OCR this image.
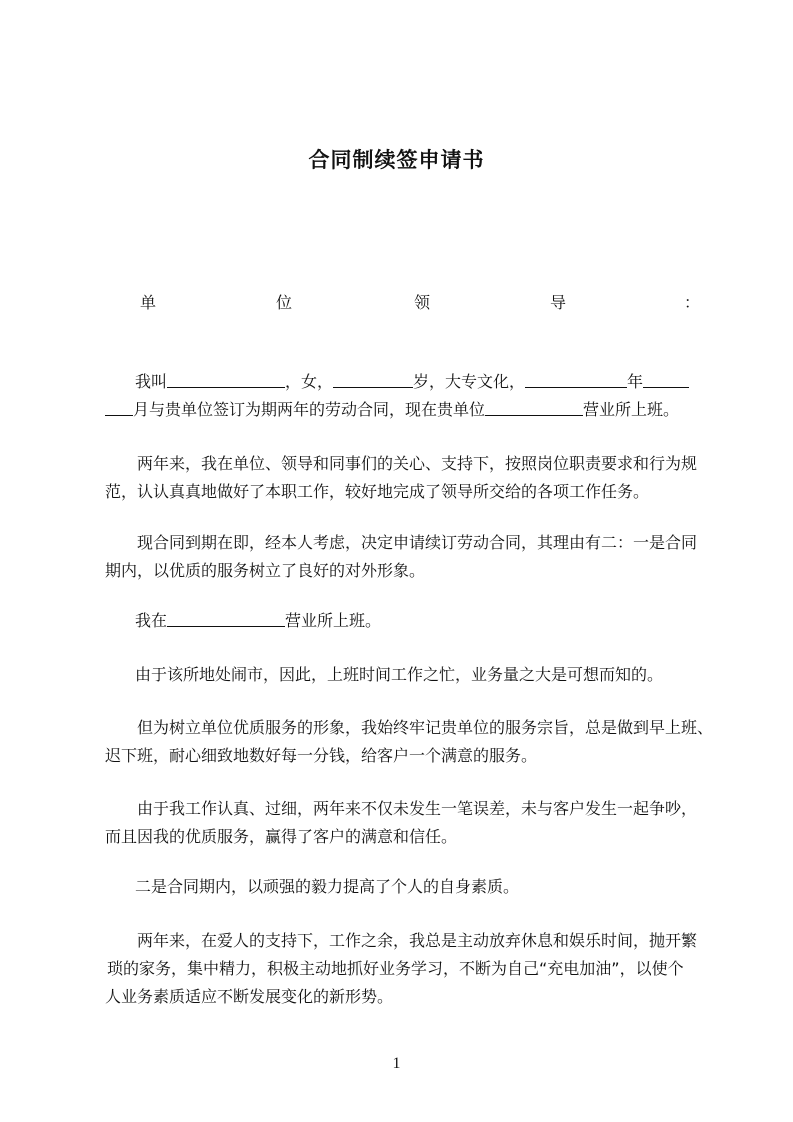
合同制续签申请书
单	位	领	导	：
我叫	，女，	岁，大专文化，	年
月与贵单位签订为期两年的劳动合同，现在贵单位	营业所上班。
两年来，我在单位、领导和同事们的关心、支持下，按照岗位职责要求和行为规
范，认认真真地做好了本职工作，较好地完成了领导所交给的各项工作任务。
现合同到期在即，经本人考虑，决定申请续订劳动合同，其理由有二：一是合同
期内，以优质的服务树立了良好的对外形象。
我在	营业所上班。
由于该所地处闹市，因此，上班时间工作之忙，业务量之大是可想而知的。
但为树立单位优质服务的形象，我始终牢记贵单位的服务宗旨，总是做到早上班、
迟下班，耐心细致地数好每一分钱，给客户一个满意的服务。
由于我工作认真、过细，两年来不仅未发生一笔误差，未与客户发生一起争吵，
而且因我的优质服务，赢得了客户的满意和信任。
二是合同期内，以顽强的毅力提高了个人的自身素质。
两年来，在爱人的支持下，工作之余，我总是主动放弃休息和娱乐时间，抛开繁
琐的家务，集中精力，积极主动地抓好业务学习，不断为自己“充电加油”，以使个
人业务素质适应不断发展变化的新形势。
1
